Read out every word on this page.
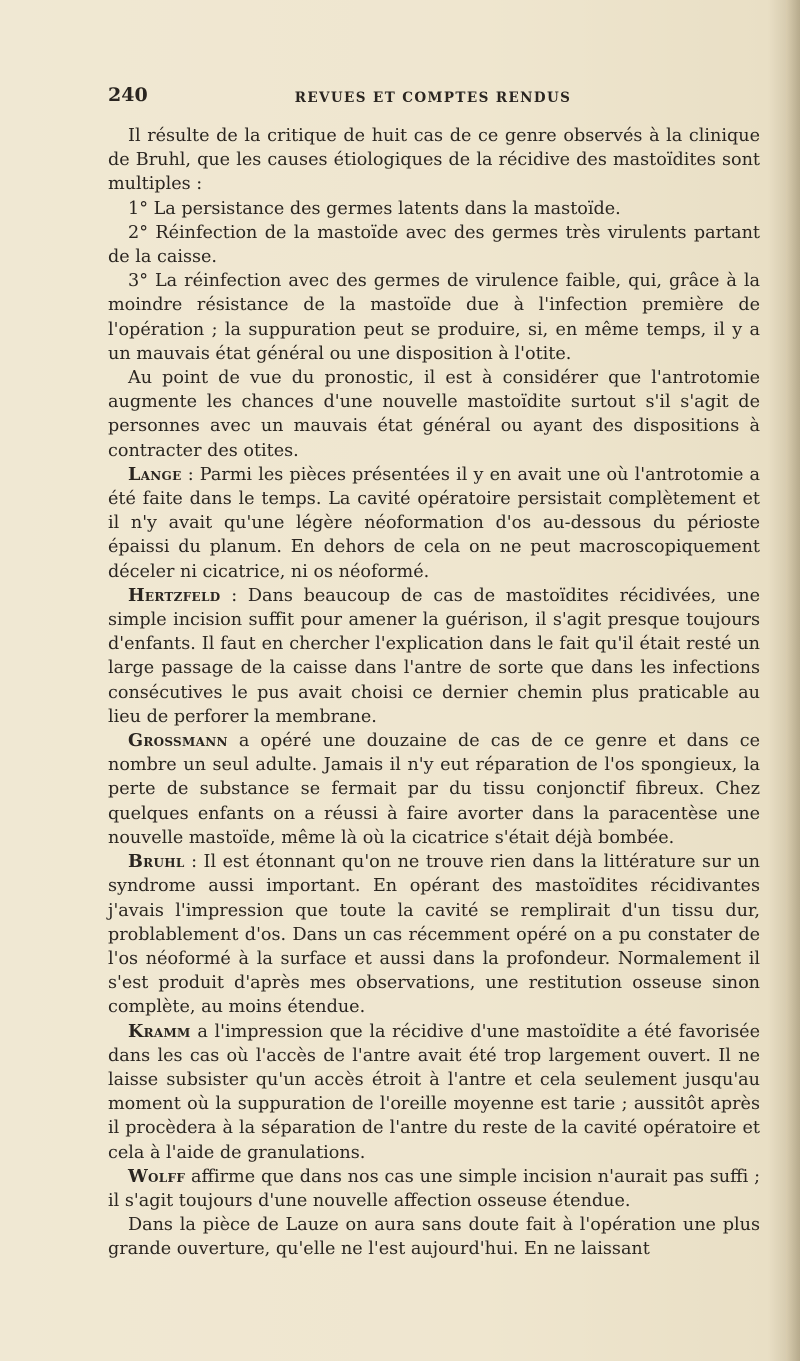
240	REVUES ET COMPTES RENDUS

Il résulte de la critique de huit cas de ce genre observés à la clinique de Bruhl, que les causes étiologiques de la récidive des mastoïdites sont multiples :

1° La persistance des germes latents dans la mastoïde.

2° Réinfection de la mastoïde avec des germes très virulents partant de la caisse.

3° La réinfection avec des germes de virulence faible, qui, grâce à la moindre résistance de la mastoïde due à l'infection première de l'opération ; la suppuration peut se produire, si, en même temps, il y a un mauvais état général ou une disposition à l'otite.

Au point de vue du pronostic, il est à considérer que l'antrotomie augmente les chances d'une nouvelle mastoïdite surtout s'il s'agit de personnes avec un mauvais état général ou ayant des dispositions à contracter des otites.

Lange : Parmi les pièces présentées il y en avait une où l'antrotomie a été faite dans le temps. La cavité opératoire persistait complètement et il n'y avait qu'une légère néoformation d'os au-dessous du périoste épaissi du planum. En dehors de cela on ne peut macroscopiquement déceler ni cicatrice, ni os néoformé.

Hertzfeld : Dans beaucoup de cas de mastoïdites récidivées, une simple incision suffit pour amener la guérison, il s'agit presque toujours d'enfants. Il faut en chercher l'explication dans le fait qu'il était resté un large passage de la caisse dans l'antre de sorte que dans les infections consécutives le pus avait choisi ce dernier chemin plus praticable au lieu de perforer la membrane.

Grossmann a opéré une douzaine de cas de ce genre et dans ce nombre un seul adulte. Jamais il n'y eut réparation de l'os spongieux, la perte de substance se fermait par du tissu conjonctif fibreux. Chez quelques enfants on a réussi à faire avorter dans la paracentèse une nouvelle mastoïde, même là où la cicatrice s'était déjà bombée.

Bruhl : Il est étonnant qu'on ne trouve rien dans la littérature sur un syndrome aussi important. En opérant des mastoïdites récidivantes j'avais l'impression que toute la cavité se remplirait d'un tissu dur, problablement d'os. Dans un cas récemment opéré on a pu constater de l'os néoformé à la surface et aussi dans la profondeur. Normalement il s'est produit d'après mes observations, une restitution osseuse sinon complète, au moins étendue.

Kramm a l'impression que la récidive d'une mastoïdite a été favorisée dans les cas où l'accès de l'antre avait été trop largement ouvert. Il ne laisse subsister qu'un accès étroit à l'antre et cela seulement jusqu'au moment où la suppuration de l'oreille moyenne est tarie ; aussitôt après il procèdera à la séparation de l'antre du reste de la cavité opératoire et cela à l'aide de granulations.

Wolff affirme que dans nos cas une simple incision n'aurait pas suffi ; il s'agit toujours d'une nouvelle affection osseuse étendue.

Dans la pièce de Lauze on aura sans doute fait à l'opération une plus grande ouverture, qu'elle ne l'est aujourd'hui. En ne laissant
